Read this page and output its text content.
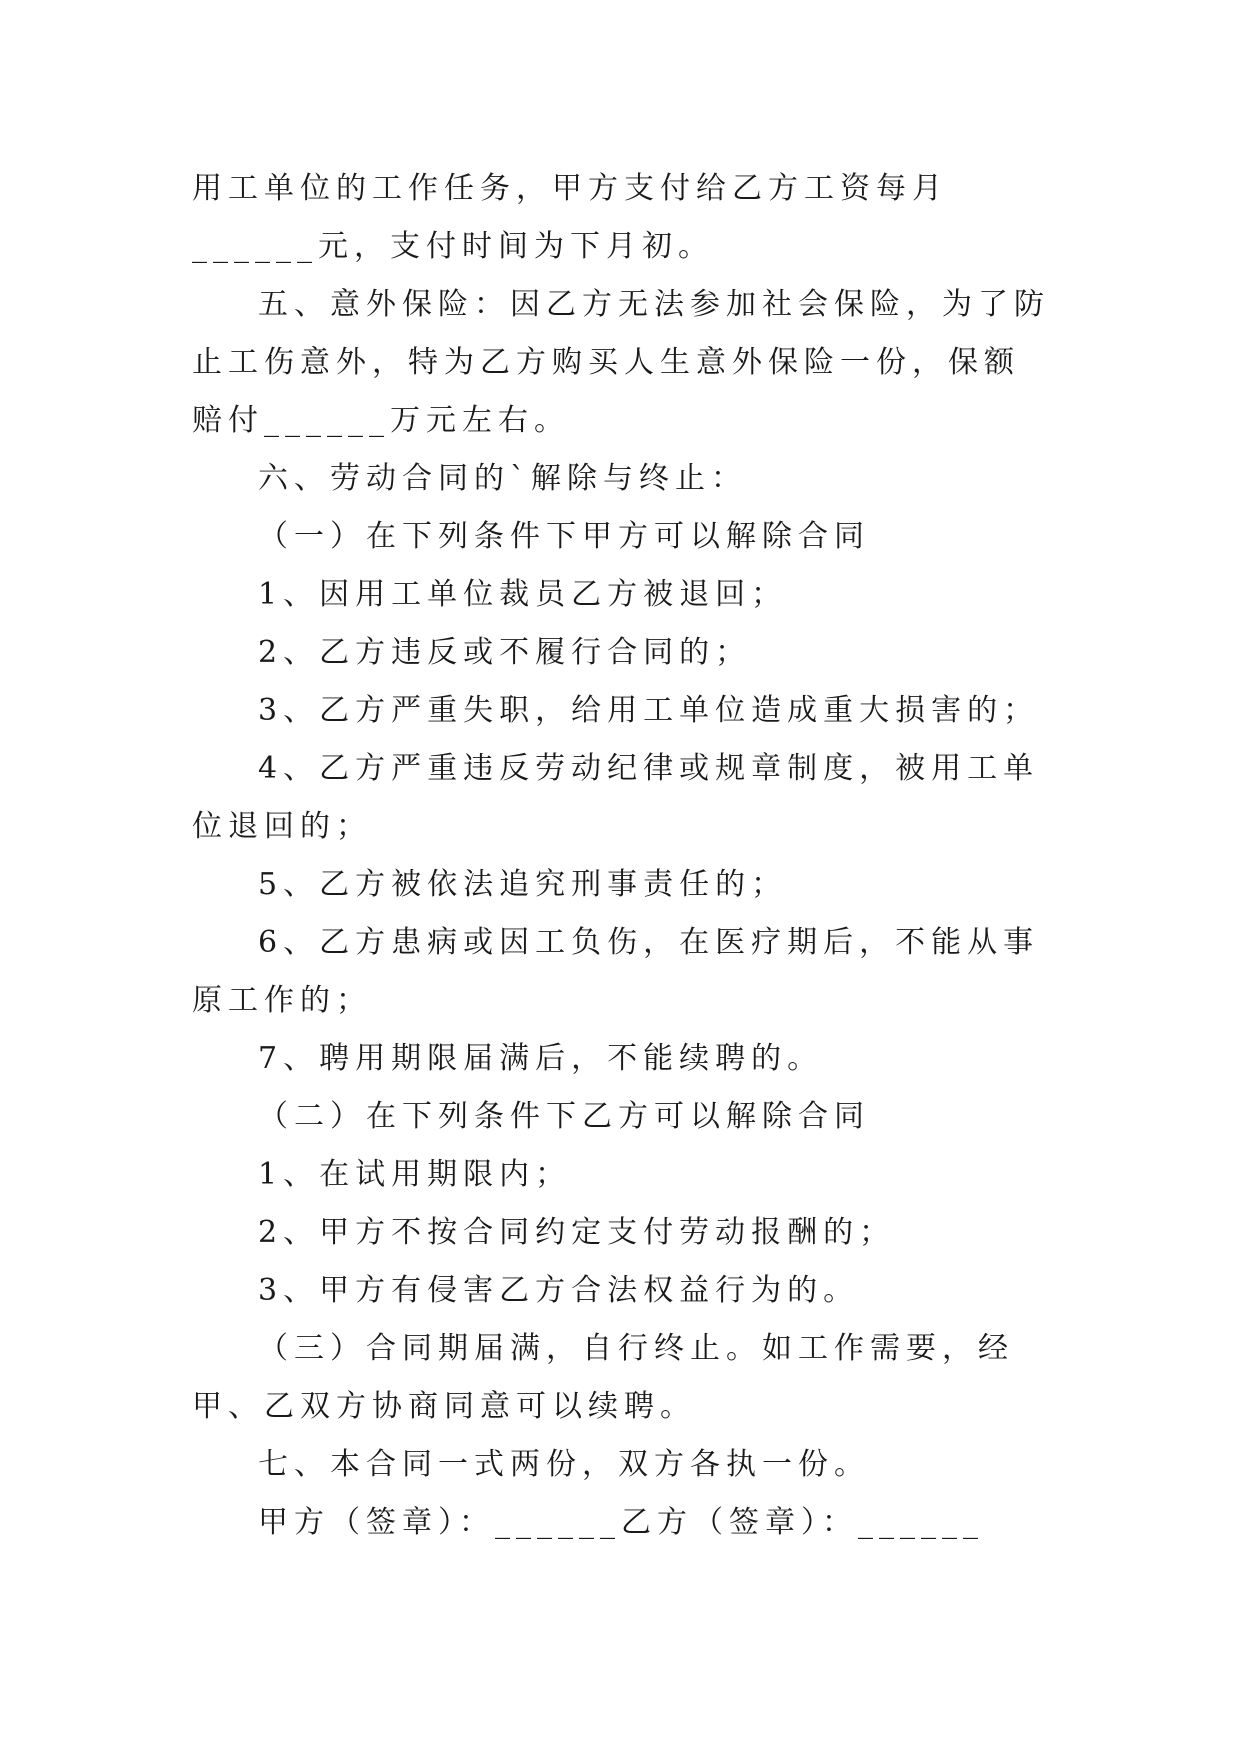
用工单位的工作任务，甲方支付给乙方工资每月______元，支付时间为下月初。

五、意外保险：因乙方无法参加社会保险，为了防止工伤意外，特为乙方购买人生意外保险一份，保额赔付______万元左右。

六、劳动合同的`解除与终止：

（一）在下列条件下甲方可以解除合同

1、因用工单位裁员乙方被退回；

2、乙方违反或不履行合同的；

3、乙方严重失职，给用工单位造成重大损害的；

4、乙方严重违反劳动纪律或规章制度，被用工单位退回的；

5、乙方被依法追究刑事责任的；

6、乙方患病或因工负伤，在医疗期后，不能从事原工作的；

7、聘用期限届满后，不能续聘的。

（二）在下列条件下乙方可以解除合同

1、在试用期限内；

2、甲方不按合同约定支付劳动报酬的；

3、甲方有侵害乙方合法权益行为的。

（三）合同期届满，自行终止。如工作需要，经甲、乙双方协商同意可以续聘。

七、本合同一式两份，双方各执一份。

甲方（签章）：______乙方（签章）：______
